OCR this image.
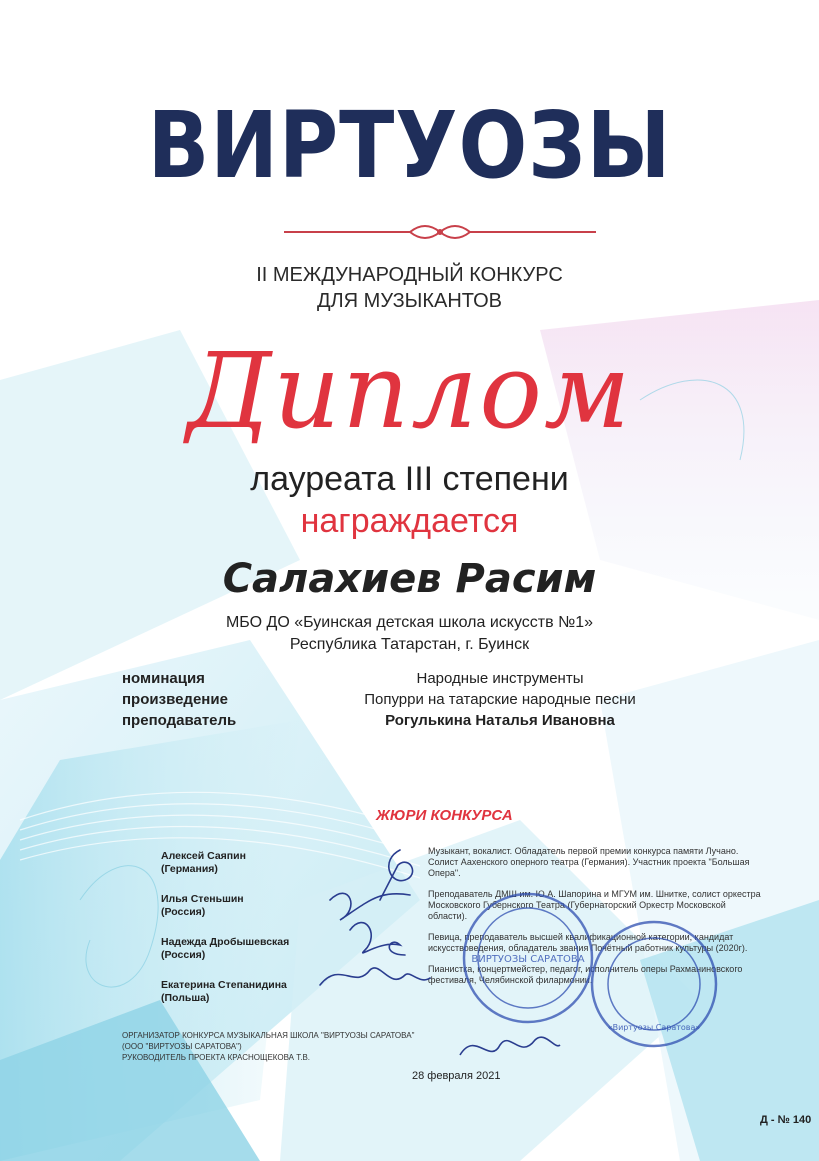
ВИРТУОЗЫ
II МЕЖДУНАРОДНЫЙ КОНКУРС
ДЛЯ МУЗЫКАНТОВ
Диплом
лауреата III степени
награждается
Салахиев Расим
МБО ДО «Буинская детская школа искусств №1»
Республика Татарстан, г. Буинск
номинация
произведение
преподаватель
Народные инструменты
Попурри на татарские народные песни
Рогулькина Наталья Ивановна
ЖЮРИ КОНКУРСА
Алексей Саяпин
(Германия)
Илья Стеньшин
(Россия)
Надежда Дробышевская
(Россия)
Екатерина Степанидина
(Польша)

Музыкант, вокалист. Обладатель первой премии конкурса памяти Лучано. Солист Аахенского оперного театра (Германия). Участник проекта "Большая Опера".

Преподаватель ДМШ им. Ю.А. Шапорина и МГУМ им. Шнитке, солист оркестра Московского Губернского Театра (Губернаторский Оркестр Московской области).

Певица, преподаватель высшей квалификационной категории, кандидат искусствоведения, обладатель звания Почётный работник культуры (2020г).

Пианистка, концертмейстер, педагог, исполнитель оперы Рахманиновского фестиваля, Челябинской филармонии.

ВИРТУОЗЫ САРАТОВА
«Виртуозы Саратова»
ОРГАНИЗАТОР КОНКУРСА МУЗЫКАЛЬНАЯ ШКОЛА "ВИРТУОЗЫ САРАТОВА"
(ООО "ВИРТУОЗЫ САРАТОВА")
РУКОВОДИТЕЛЬ ПРОЕКТА КРАСНОЩЕКОВА Т.В.
28 февраля 2021
Д - № 140
